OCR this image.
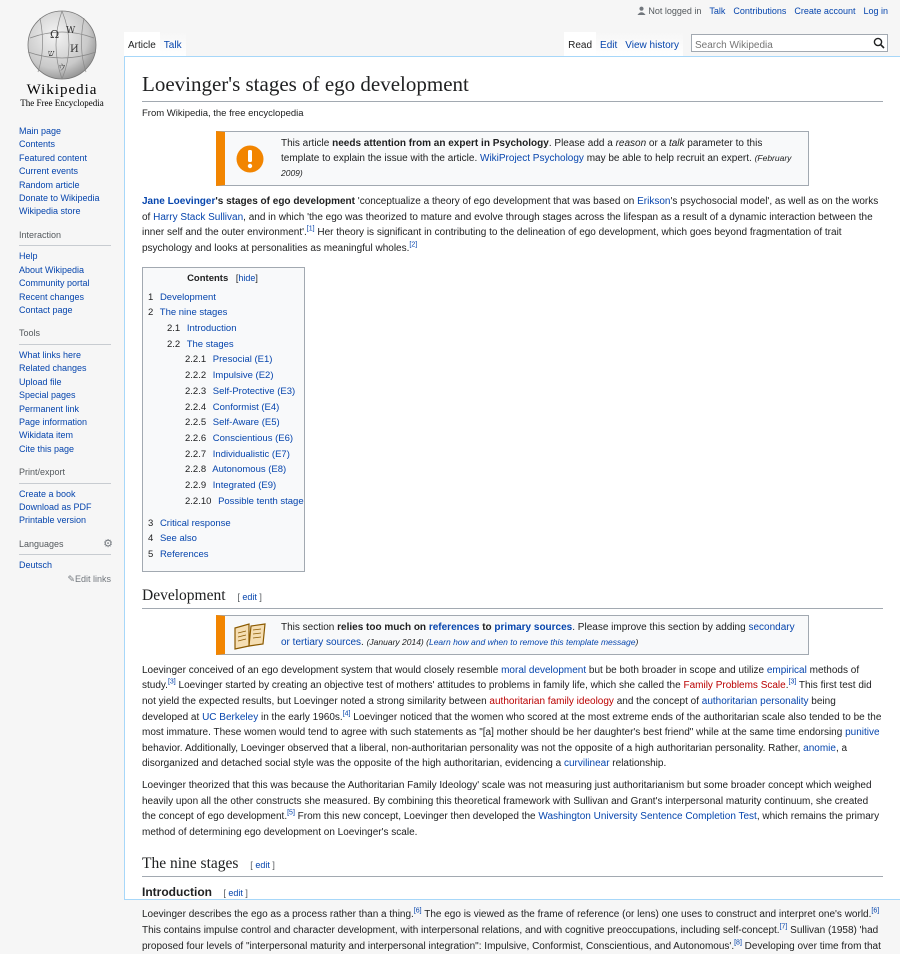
Ω W
И
ש
ウ
Wikipedia
The Free Encyclopedia
Not logged in Talk Contributions Create account Log in
Article Talk	Read Edit View history
Search Wikipedia
Main page
Contents
Featured content
Current events
Random article
Donate to Wikipedia
Wikipedia store
Interaction
Help
About Wikipedia
Community portal
Recent changes
Contact page
Tools
What links here
Related changes
Upload file
Special pages
Permanent link
Page information
Wikidata item
Cite this page
Print/export
Create a book
Download as PDF
Printable version
Languages	⚙
Deutsch
✎Edit links
Loevinger's stages of ego development
From Wikipedia, the free encyclopedia
This article needs attention from an expert in Psychology. Please add a reason or a talk parameter to this template to explain the issue with the article. WikiProject Psychology may be able to help recruit an expert. (February 2009)

Jane Loevinger's stages of ego development 'conceptualize a theory of ego development that was based on Erikson's psychosocial model', as well as on the works of Harry Stack Sullivan, and in which 'the ego was theorized to mature and evolve through stages across the lifespan as a result of a dynamic interaction between the inner self and the outer environment'.[1] Her theory is significant in contributing to the delineation of ego development, which goes beyond fragmentation of trait psychology and looks at personalities as meaningful wholes.[2]

Contents   [hide]
1 Development
2 The nine stages
2.1 Introduction
2.2 The stages
2.2.1 Presocial (E1)
2.2.2 Impulsive (E2)
2.2.3 Self-Protective (E3)
2.2.4 Conformist (E4)
2.2.5 Self-Aware (E5)
2.2.6 Conscientious (E6)
2.2.7 Individualistic (E7)
2.2.8 Autonomous (E8)
2.2.9 Integrated (E9)
2.2.10 Possible tenth stage
3 Critical response
4 See also
5 References
Development [ edit ]
This section relies too much on references to primary sources. Please improve this section by adding secondary or tertiary sources. (January 2014) (Learn how and when to remove this template message)

Loevinger conceived of an ego development system that would closely resemble moral development but be both broader in scope and utilize empirical methods of study.[3] Loevinger started by creating an objective test of mothers' attitudes to problems in family life, which she called the Family Problems Scale.[3] This first test did not yield the expected results, but Loevinger noted a strong similarity between authoritarian family ideology and the concept of authoritarian personality being developed at UC Berkeley in the early 1960s.[4] Loevinger noticed that the women who scored at the most extreme ends of the authoritarian scale also tended to be the most immature. These women would tend to agree with such statements as "[a] mother should be her daughter's best friend" while at the same time endorsing punitive behavior. Additionally, Loevinger observed that a liberal, non-authoritarian personality was not the opposite of a high authoritarian personality. Rather, anomie, a disorganized and detached social style was the opposite of the high authoritarian, evidencing a curvilinear relationship.

Loevinger theorized that this was because the Authoritarian Family Ideology' scale was not measuring just authoritarianism but some broader concept which weighed heavily upon all the other constructs she measured. By combining this theoretical framework with Sullivan and Grant's interpersonal maturity continuum, she created the concept of ego development.[5] From this new concept, Loevinger then developed the Washington University Sentence Completion Test, which remains the primary method of determining ego development on Loevinger's scale.

The nine stages [ edit ]
Introduction [ edit ]

Loevinger describes the ego as a process rather than a thing.[6] The ego is viewed as the frame of reference (or lens) one uses to construct and interpret one's world.[6] This contains impulse control and character development, with interpersonal relations, and with cognitive preoccupations, including self-concept.[7] Sullivan (1958) 'had proposed four levels of "interpersonal maturity and interpersonal integration": Impulsive, Conformist, Conscientious, and Autonomous'.[8] Developing over time from that
